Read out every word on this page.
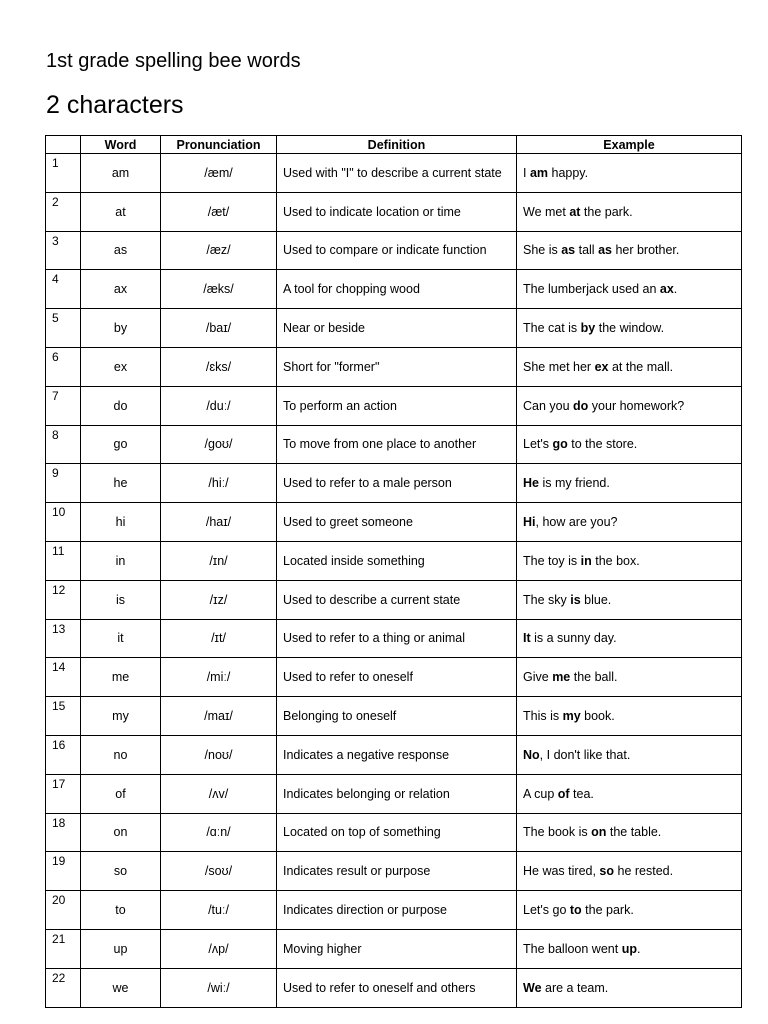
1st grade spelling bee words
2 characters
	Word	Pronunciation	Definition	Example
1	am	/æm/	Used with "I" to describe a current state	I am happy.
2	at	/æt/	Used to indicate location or time	We met at the park.
3	as	/æz/	Used to compare or indicate function	She is as tall as her brother.
4	ax	/æks/	A tool for chopping wood	The lumberjack used an ax.
5	by	/baɪ/	Near or beside	The cat is by the window.
6	ex	/ɛks/	Short for "former"	She met her ex at the mall.
7	do	/duː/	To perform an action	Can you do your homework?
8	go	/goʊ/	To move from one place to another	Let's go to the store.
9	he	/hiː/	Used to refer to a male person	He is my friend.
10	hi	/haɪ/	Used to greet someone	Hi, how are you?
11	in	/ɪn/	Located inside something	The toy is in the box.
12	is	/ɪz/	Used to describe a current state	The sky is blue.
13	it	/ɪt/	Used to refer to a thing or animal	It is a sunny day.
14	me	/miː/	Used to refer to oneself	Give me the ball.
15	my	/maɪ/	Belonging to oneself	This is my book.
16	no	/noʊ/	Indicates a negative response	No, I don't like that.
17	of	/ʌv/	Indicates belonging or relation	A cup of tea.
18	on	/ɑːn/	Located on top of something	The book is on the table.
19	so	/soʊ/	Indicates result or purpose	He was tired, so he rested.
20	to	/tuː/	Indicates direction or purpose	Let's go to the park.
21	up	/ʌp/	Moving higher	The balloon went up.
22	we	/wiː/	Used to refer to oneself and others	We are a team.
